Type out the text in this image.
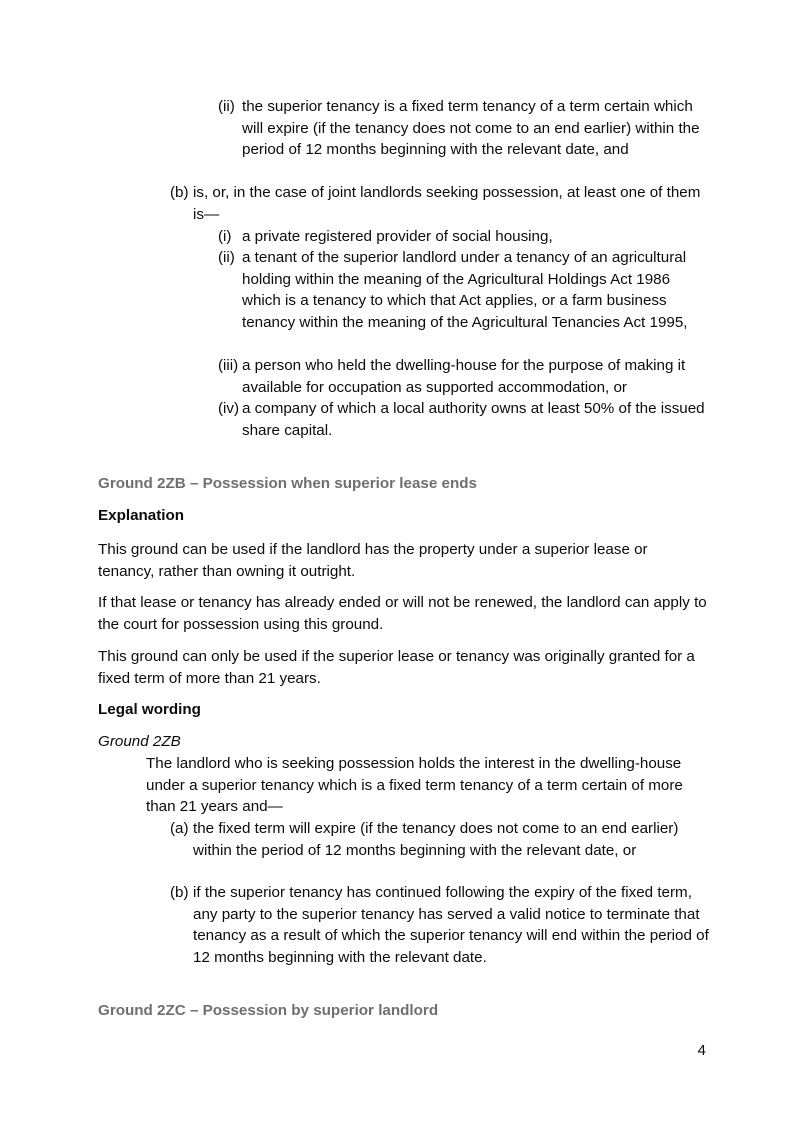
(ii) the superior tenancy is a fixed term tenancy of a term certain which will expire (if the tenancy does not come to an end earlier) within the period of 12 months beginning with the relevant date, and
(b) is, or, in the case of joint landlords seeking possession, at least one of them is—
(i) a private registered provider of social housing,
(ii) a tenant of the superior landlord under a tenancy of an agricultural holding within the meaning of the Agricultural Holdings Act 1986 which is a tenancy to which that Act applies, or a farm business tenancy within the meaning of the Agricultural Tenancies Act 1995,
(iii) a person who held the dwelling-house for the purpose of making it available for occupation as supported accommodation, or
(iv) a company of which a local authority owns at least 50% of the issued share capital.
Ground 2ZB – Possession when superior lease ends
Explanation
This ground can be used if the landlord has the property under a superior lease or tenancy, rather than owning it outright.
If that lease or tenancy has already ended or will not be renewed, the landlord can apply to the court for possession using this ground.
This ground can only be used if the superior lease or tenancy was originally granted for a fixed term of more than 21 years.
Legal wording
Ground 2ZB
The landlord who is seeking possession holds the interest in the dwelling-house under a superior tenancy which is a fixed term tenancy of a term certain of more than 21 years and—
(a) the fixed term will expire (if the tenancy does not come to an end earlier) within the period of 12 months beginning with the relevant date, or
(b) if the superior tenancy has continued following the expiry of the fixed term, any party to the superior tenancy has served a valid notice to terminate that tenancy as a result of which the superior tenancy will end within the period of 12 months beginning with the relevant date.
Ground 2ZC – Possession by superior landlord
4
